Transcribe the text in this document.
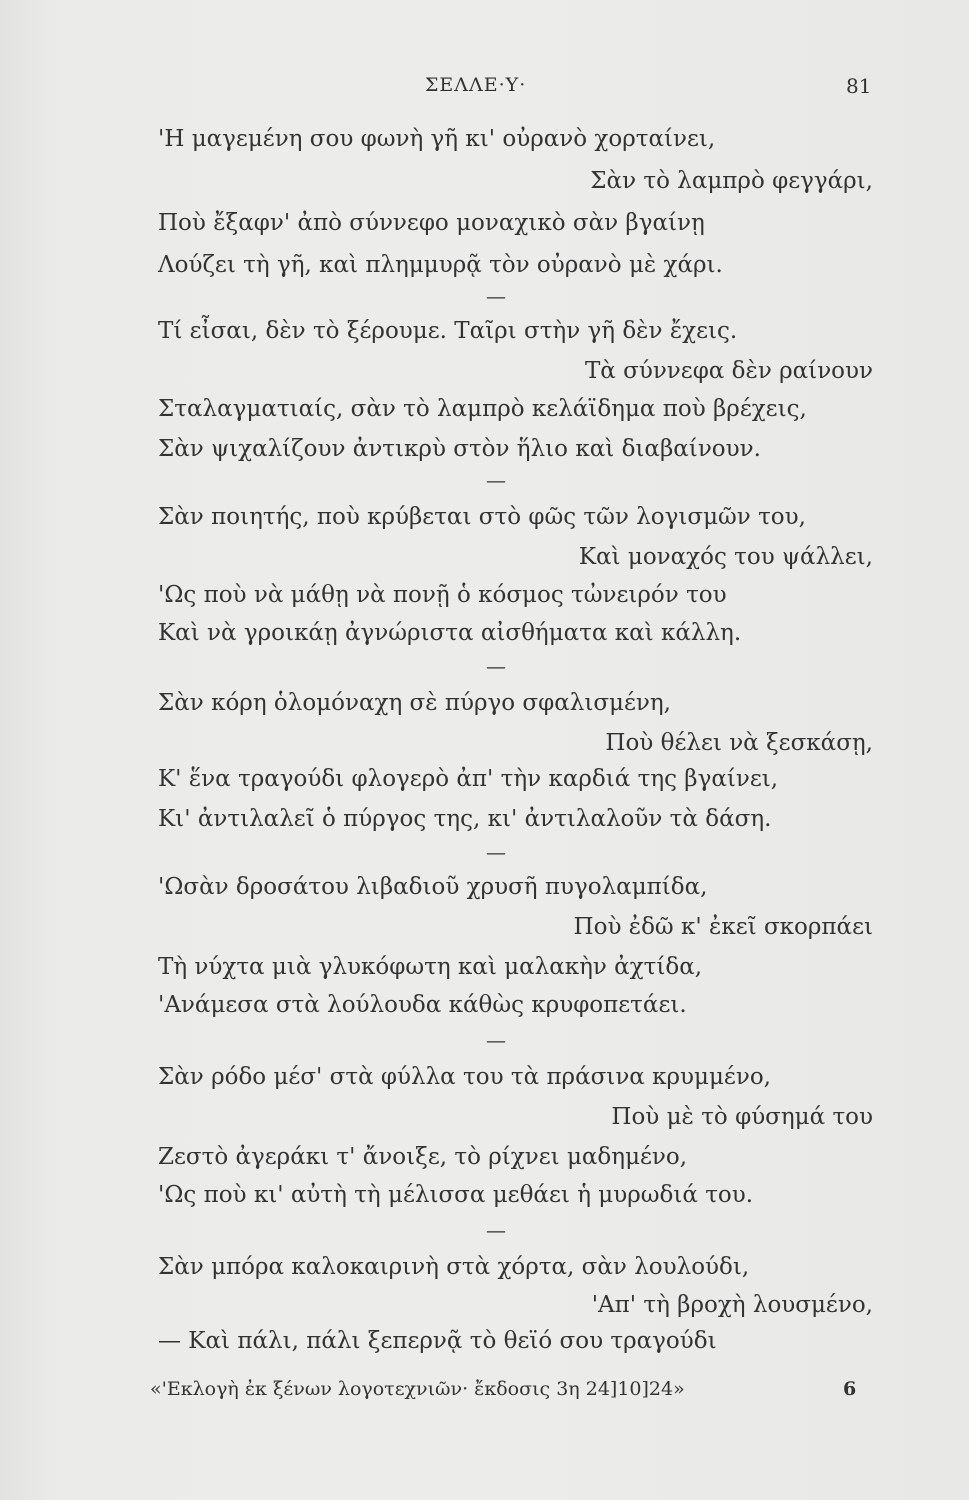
ΣΕΛΛΕ·Υ·	81
'Η μαγεμένη σου φωνὴ γῆ κι' οὐρανὸ χορταίνει,
Σὰν τὸ λαμπρὸ φεγγάρι,
Ποὺ ἔξαφν' ἀπὸ σύννεφο μοναχικὸ σὰν βγαίνῃ
Λούζει τὴ γῆ, καὶ πλημμυρᾷ τὸν οὐρανὸ μὲ χάρι.
—
Τί εἶσαι, δὲν τὸ ξέρουμε. Ταῖρι στὴν γῆ δὲν ἔχεις.
Τὰ σύννεφα δὲν ραίνουν
Σταλαγματιαίς, σὰν τὸ λαμπρὸ κελάϊδημα ποὺ βρέχεις,
Σὰν ψιχαλίζουν ἀντικρὺ στὸν ἥλιο καὶ διαβαίνουν.
—
Σὰν ποιητής, ποὺ κρύβεται στὸ φῶς τῶν λογισμῶν του,
Καὶ μοναχός του ψάλλει,
'Ως ποὺ νὰ μάθῃ νὰ πονῇ ὁ κόσμος τὠνειρόν του
Καὶ νὰ γροικάῃ ἀγνώριστα αἰσθήματα καὶ κάλλη.
—
Σὰν κόρη ὁλομόναχη σὲ πύργο σφαλισμένη,
Ποὺ θέλει νὰ ξεσκάσῃ,
Κ' ἕνα τραγούδι φλογερὸ ἀπ' τὴν καρδιά της βγαίνει,
Κι' ἀντιλαλεῖ ὁ πύργος της, κι' ἀντιλαλοῦν τὰ δάση.
—
'Ωσὰν δροσάτου λιβαδιοῦ χρυσῆ πυγολαμπίδα,
Ποὺ ἐδῶ κ' ἐκεῖ σκορπάει
Τὴ νύχτα μιὰ γλυκόφωτη καὶ μαλακὴν ἀχτίδα,
'Ανάμεσα στὰ λούλουδα κάθὼς κρυφοπετάει.
—
Σὰν ρόδο μέσ' στὰ φύλλα του τὰ πράσινα κρυμμένο,
Ποὺ μὲ τὸ φύσημά του
Ζεστὸ ἀγεράκι τ' ἄνοιξε, τὸ ρίχνει μαδημένο,
'Ως ποὺ κι' αὐτὴ τὴ μέλισσα μεθάει ἡ μυρωδιά του.
—
Σὰν μπόρα καλοκαιρινὴ στὰ χόρτα, σὰν λουλούδι,
'Απ' τὴ βροχὴ λουσμένο,
— Καὶ πάλι, πάλι ξεπερνᾷ τὸ θεϊό σου τραγούδι
«'Εκλογὴ ἐκ ξένων λογοτεχνιῶν· ἔκδοσις 3η 24]10]24»	6
